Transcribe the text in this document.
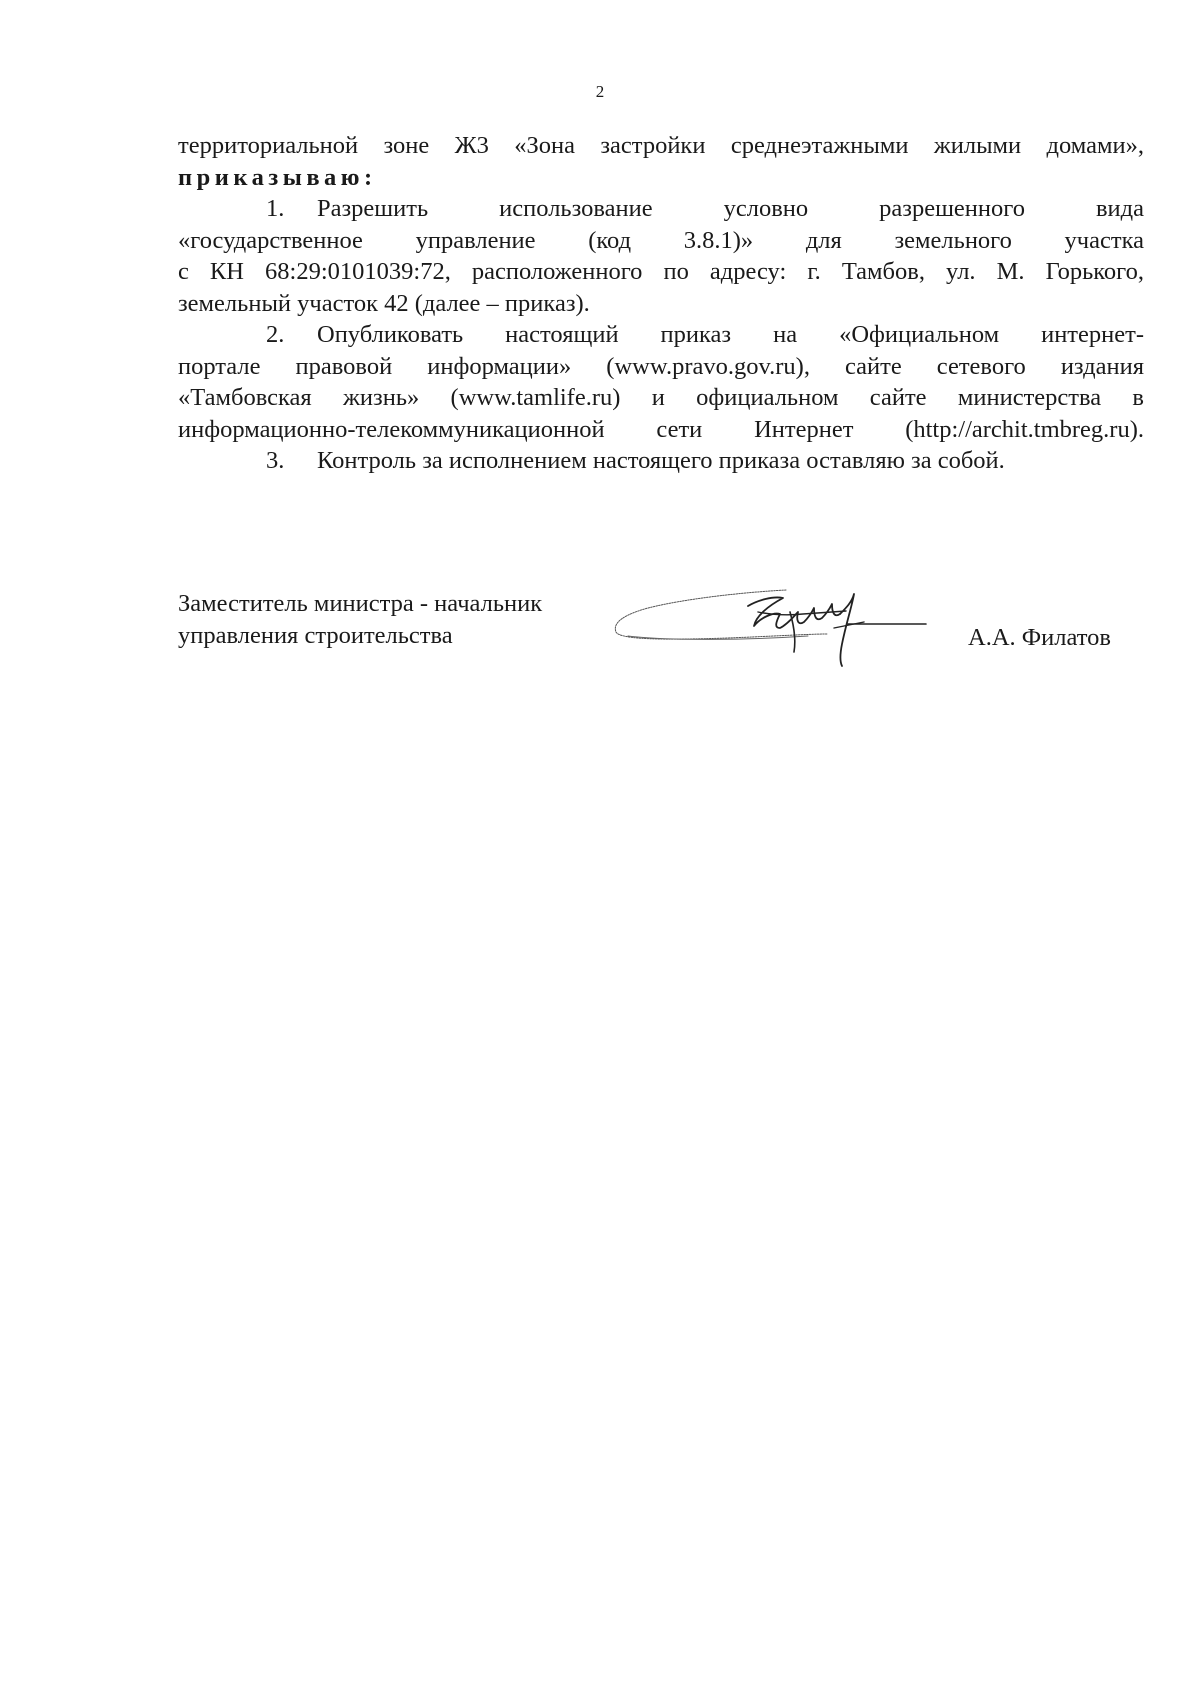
2

территориальной зоне Ж3 «Зона застройки среднеэтажными жилыми домами»,

приказываю:

1. Разрешить использование условно разрешенного вида

«государственное управление (код 3.8.1)» для земельного участка

с КН 68:29:0101039:72, расположенного по адресу: г. Тамбов, ул. М. Горького,

земельный участок 42 (далее – приказ).

2. Опубликовать настоящий приказ на «Официальном интернет-

портале правовой информации» (www.pravo.gov.ru), сайте сетевого издания

«Тамбовская жизнь» (www.tamlife.ru) и официальном сайте министерства в

информационно-телекоммуникационной сети Интернет (http://archit.tmbreg.ru).

3. Контроль за исполнением настоящего приказа оставляю за собой.

Заместитель министра - начальник
управления строительства	А.А. Филатов
